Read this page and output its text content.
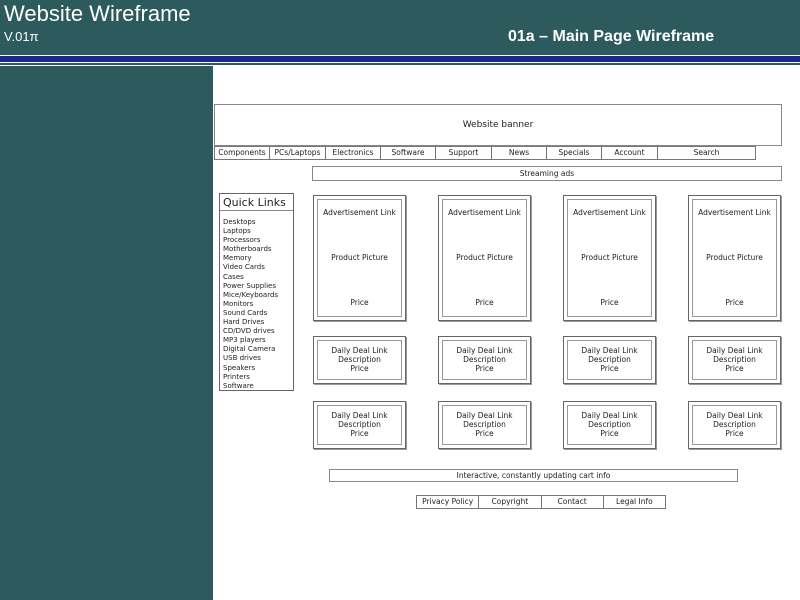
Website Wireframe
V.01π	01a – Main Page Wireframe
Website banner
Components	PCs/Laptops	Electronics	Software	Support	News	Specials	Account	Search
Streaming ads
Quick Links
Desktops
Laptops
Processors
Motherboards
Memory
Video Cards
Cases
Power Supplies
Mice/Keyboards
Monitors
Sound Cards
Hard Drives
CD/DVD drives
MP3 players
Digital Camera
USB drives
Speakers
Printers
Software
Advertisement Link
Product Picture
Price
Advertisement Link
Product Picture
Price
Advertisement Link
Product Picture
Price
Advertisement Link
Product Picture
Price
Daily Deal Link
Description
Price
Daily Deal Link
Description
Price
Daily Deal Link
Description
Price
Daily Deal Link
Description
Price
Daily Deal Link
Description
Price
Daily Deal Link
Description
Price
Daily Deal Link
Description
Price
Daily Deal Link
Description
Price
Interactive, constantly updating cart info
Privacy Policy	Copyright	Contact	Legal Info
